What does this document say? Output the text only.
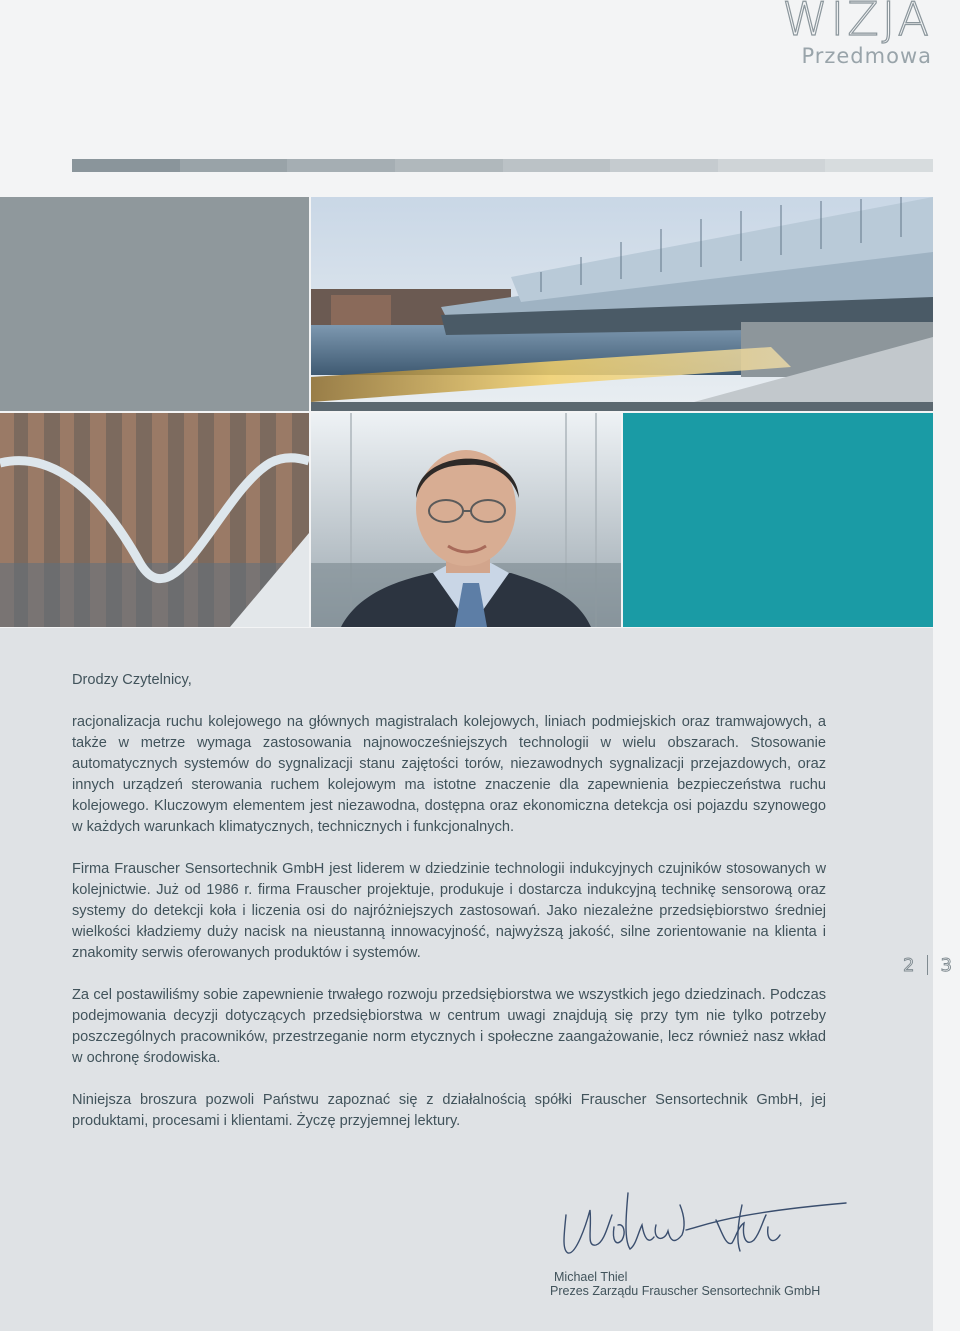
WIZJA
Przedmowa

Drodzy Czytelnicy,

racjonalizacja ruchu kolejowego na głównych magistralach kolejowych, liniach podmiejskich oraz tramwajowych, a także w metrze wymaga zastosowania najnowocześniejszych technologii w wielu obszarach. Stosowanie automatycznych systemów do sygnalizacji stanu zajętości torów, niezawodnych sygnalizacji przejazdowych, oraz innych urządzeń sterowania ruchem kolejowym ma istotne znaczenie dla zapewnienia bezpieczeństwa ruchu kolejowego. Kluczowym elementem jest niezawodna, dostępna oraz ekonomiczna detekcja osi pojazdu szynowego w każdych warunkach klimatycznych, technicznych i funkcjonalnych.

Firma Frauscher Sensortechnik GmbH jest liderem w dziedzinie technologii indukcyjnych czujników stosowanych w kolejnictwie. Już od 1986 r. firma Frauscher projektuje, produkuje i dostarcza indukcyjną technikę sensorową oraz systemy do detekcji koła i liczenia osi do najróżniejszych zastosowań. Jako niezależne przedsiębiorstwo średniej wielkości kładziemy duży nacisk na nieustanną innowacyjność, najwyższą jakość, silne zorientowanie na klienta i znakomity serwis oferowanych produktów i systemów.

Za cel postawiliśmy sobie zapewnienie trwałego rozwoju przedsiębiorstwa we wszystkich jego dziedzinach. Podczas podejmowania decyzji dotyczących przedsiębiorstwa w centrum uwagi znajdują się przy tym nie tylko potrzeby poszczególnych pracowników, przestrzeganie norm etycznych i społeczne zaangażowanie, lecz również nasz wkład w ochronę środowiska.

Niniejsza broszura pozwoli Państwu zapoznać się z działalnością spółki Frauscher Sensortechnik GmbH, jej produktami, procesami i klientami. Życzę przyjemnej lektury.

2 3
Michael Thiel
Prezes Zarządu Frauscher Sensortechnik GmbH
